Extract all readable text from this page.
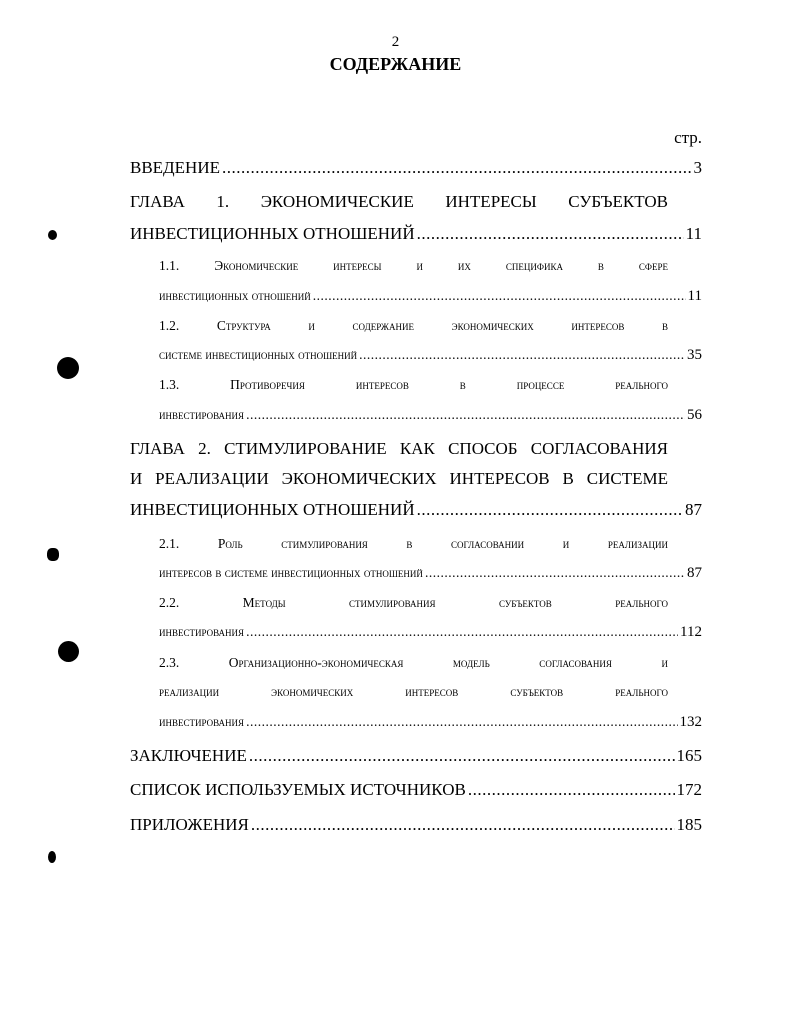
2
СОДЕРЖАНИЕ
стр.
ВВЕДЕНИЕ .....	3
ГЛАВА 1. ЭКОНОМИЧЕСКИЕ ИНТЕРЕСЫ СУБЪЕКТОВ
ИНВЕСТИЦИОННЫХ ОТНОШЕНИЙ .....	11
1.1. Экономические интересы и их специфика в сфере
инвестиционных отношений .....	11
1.2. Структура и содержание экономических интересов в
системе инвестиционных отношений .....	35
1.3. Противоречия интересов в процессе реального
инвестирования .....	56
ГЛАВА 2. СТИМУЛИРОВАНИЕ КАК СПОСОБ СОГЛАСОВАНИЯ
И РЕАЛИЗАЦИИ ЭКОНОМИЧЕСКИХ ИНТЕРЕСОВ В СИСТЕМЕ
ИНВЕСТИЦИОННЫХ ОТНОШЕНИЙ .....	87
2.1. Роль стимулирования в согласовании и реализации
интересов в системе инвестиционных отношений .....	87
2.2. Методы стимулирования субъектов реального
инвестирования .....	112
2.3. Организационно-экономическая модель согласования и
реализации экономических интересов субъектов реального
инвестирования .....	132
ЗАКЛЮЧЕНИЕ .....	165
СПИСОК ИСПОЛЬЗУЕМЫХ ИСТОЧНИКОВ .....	172
ПРИЛОЖЕНИЯ .....	185
